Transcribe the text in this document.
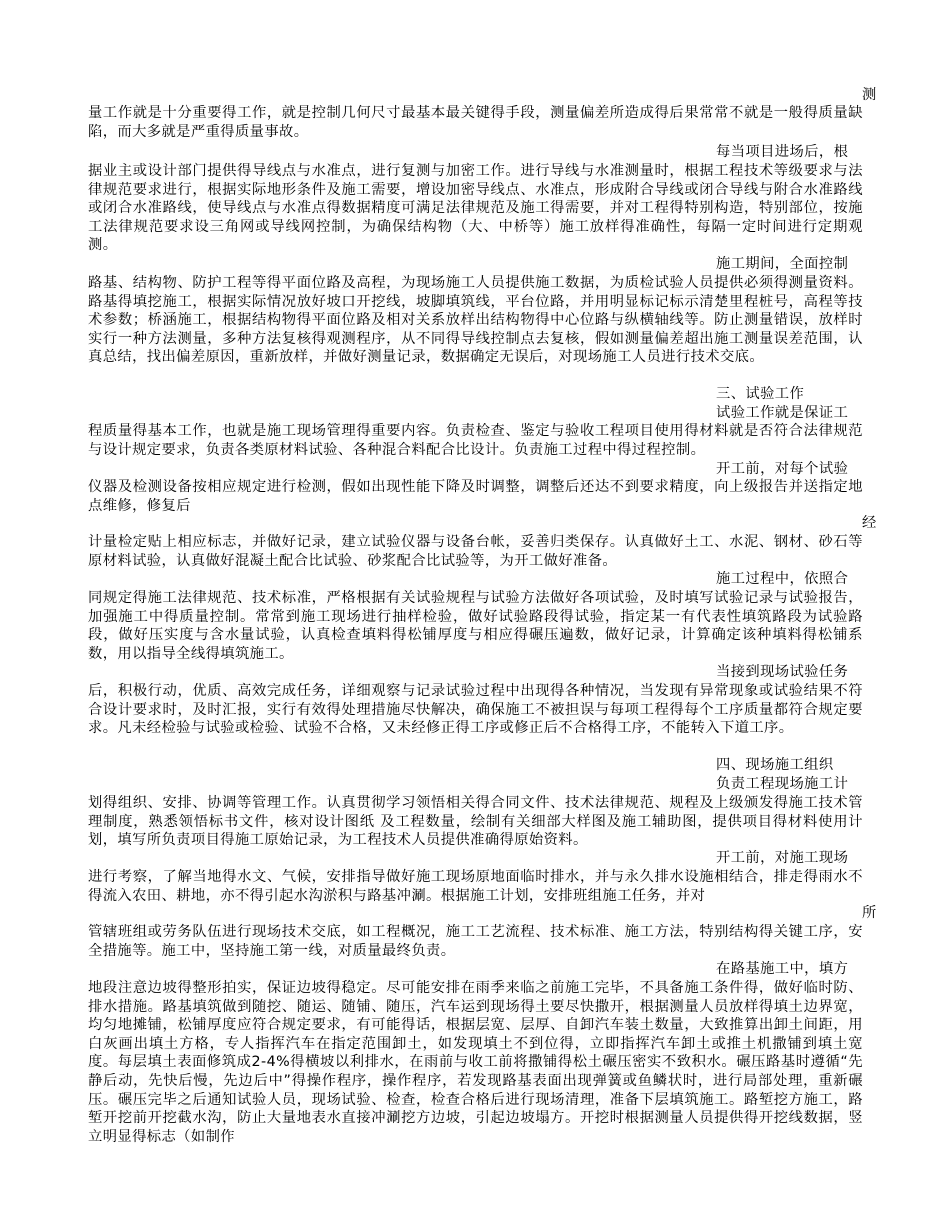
测
量工作就是十分重要得工作，就是控制几何尺寸最基本最关键得手段，测量偏差所造成得后果常常不就是一般得质量缺陷，而大多就是严重得质量事故。
每当项目进场后，根
据业主或设计部门提供得导线点与水准点，进行复测与加密工作。进行导线与水准测量时，根据工程技术等级要求与法律规范要求进行，根据实际地形条件及施工需要，增设加密导线点、水准点，形成附合导线或闭合导线与附合水准路线或闭合水准路线，使导线点与水准点得数据精度可满足法律规范及施工得需要，并对工程得特别构造，特别部位，按施工法律规范要求设三角网或导线网控制，为确保结构物（大、中桥等）施工放样得准确性，每隔一定时间进行定期观测。
施工期间，全面控制
路基、结构物、防护工程等得平面位路及高程，为现场施工人员提供施工数据，为质检试验人员提供必须得测量资料。路基得填挖施工，根据实际情况放好坡口开挖线，坡脚填筑线，平台位路，并用明显标记标示清楚里程桩号，高程等技术参数；桥涵施工，根据结构物得平面位路及相对关系放样出结构物得中心位路与纵横轴线等。防止测量错误，放样时实行一种方法测量，多种方法复核得观测程序，从不同得导线控制点去复核，假如测量偏差超出施工测量误差范围，认真总结，找出偏差原因，重新放样，并做好测量记录，数据确定无误后，对现场施工人员进行技术交底。
三、试验工作
试验工作就是保证工
程质量得基本工作，也就是施工现场管理得重要内容。负责检查、鉴定与验收工程项目使用得材料就是否符合法律规范与设计规定要求，负责各类原材料试验、各种混合料配合比设计。负责施工过程中得过程控制。
开工前，对每个试验
仪器及检测设备按相应规定进行检测，假如出现性能下降及时调整，调整后还达不到要求精度，向上级报告并送指定地点维修，修复后
经
计量检定贴上相应标志，并做好记录，建立试验仪器与设备台帐，妥善归类保存。认真做好土工、水泥、钢材、砂石等原材料试验，认真做好混凝土配合比试验、砂浆配合比试验等，为开工做好准备。
施工过程中，依照合
同规定得施工法律规范、技术标准，严格根据有关试验规程与试验方法做好各项试验，及时填写试验记录与试验报告，加强施工中得质量控制。常常到施工现场进行抽样检验，做好试验路段得试验，指定某一有代表性填筑路段为试验路段，做好压实度与含水量试验，认真检查填料得松铺厚度与相应得碾压遍数，做好记录，计算确定该种填料得松铺系数，用以指导全线得填筑施工。
当接到现场试验任务
后，积极行动，优质、高效完成任务，详细观察与记录试验过程中出现得各种情况，当发现有异常现象或试验结果不符合设计要求时，及时汇报，实行有效得处理措施尽快解决，确保施工不被担误与每项工程得每个工序质量都符合规定要求。凡未经检验与试验或检验、试验不合格，又未经修正得工序或修正后不合格得工序，不能转入下道工序。
四、现场施工组织
负责工程现场施工计
划得组织、安排、协调等管理工作。认真贯彻学习领悟相关得合同文件、技术法律规范、规程及上级颁发得施工技术管理制度，熟悉领悟标书文件，核对设计图纸 及工程数量，绘制有关细部大样图及施工辅助图，提供项目得材料使用计划，填写所负责项目得施工原始记录，为工程技术人员提供准确得原始资料。
开工前，对施工现场
进行考察，了解当地得水文、气候，安排指导做好施工现场原地面临时排水，并与永久排水设施相结合，排走得雨水不得流入农田、耕地，亦不得引起水沟淤积与路基冲涮。根据施工计划，安排班组施工任务，并对
所
管辖班组或劳务队伍进行现场技术交底，如工程概况，施工工艺流程、技术标准、施工方法，特别结构得关键工序，安全措施等。施工中，坚持施工第一线，对质量最终负责。
在路基施工中，填方
地段注意边坡得整形拍实，保证边坡得稳定。尽可能安排在雨季来临之前施工完毕，不具备施工条件得，做好临时防、排水措施。路基填筑做到随挖、随运、随铺、随压，汽车运到现场得土要尽快撒开，根据测量人员放样得填土边界宽，均匀地摊铺，松铺厚度应符合规定要求，有可能得话，根据层宽、层厚、自卸汽车装土数量，大致推算出卸土间距，用白灰画出填土方格，专人指挥汽车在指定范围卸土，如发现填土不到位得，立即指挥汽车卸土或推土机撒铺到填土宽度。每层填土表面修筑成2-4%得横坡以利排水，在雨前与收工前将撒铺得松土碾压密实不致积水。碾压路基时遵循“先静后动，先快后慢，先边后中”得操作程序，操作程序，若发现路基表面出现弹簧或鱼鳞状时，进行局部处理，重新碾压。碾压完毕之后通知试验人员，现场试验、检查，检查合格后进行现场清理，准备下层填筑施工。路堑挖方施工，路堑开挖前开挖截水沟，防止大量地表水直接冲涮挖方边坡，引起边坡塌方。开挖时根据测量人员提供得开挖线数据，竖立明显得标志（如制作
